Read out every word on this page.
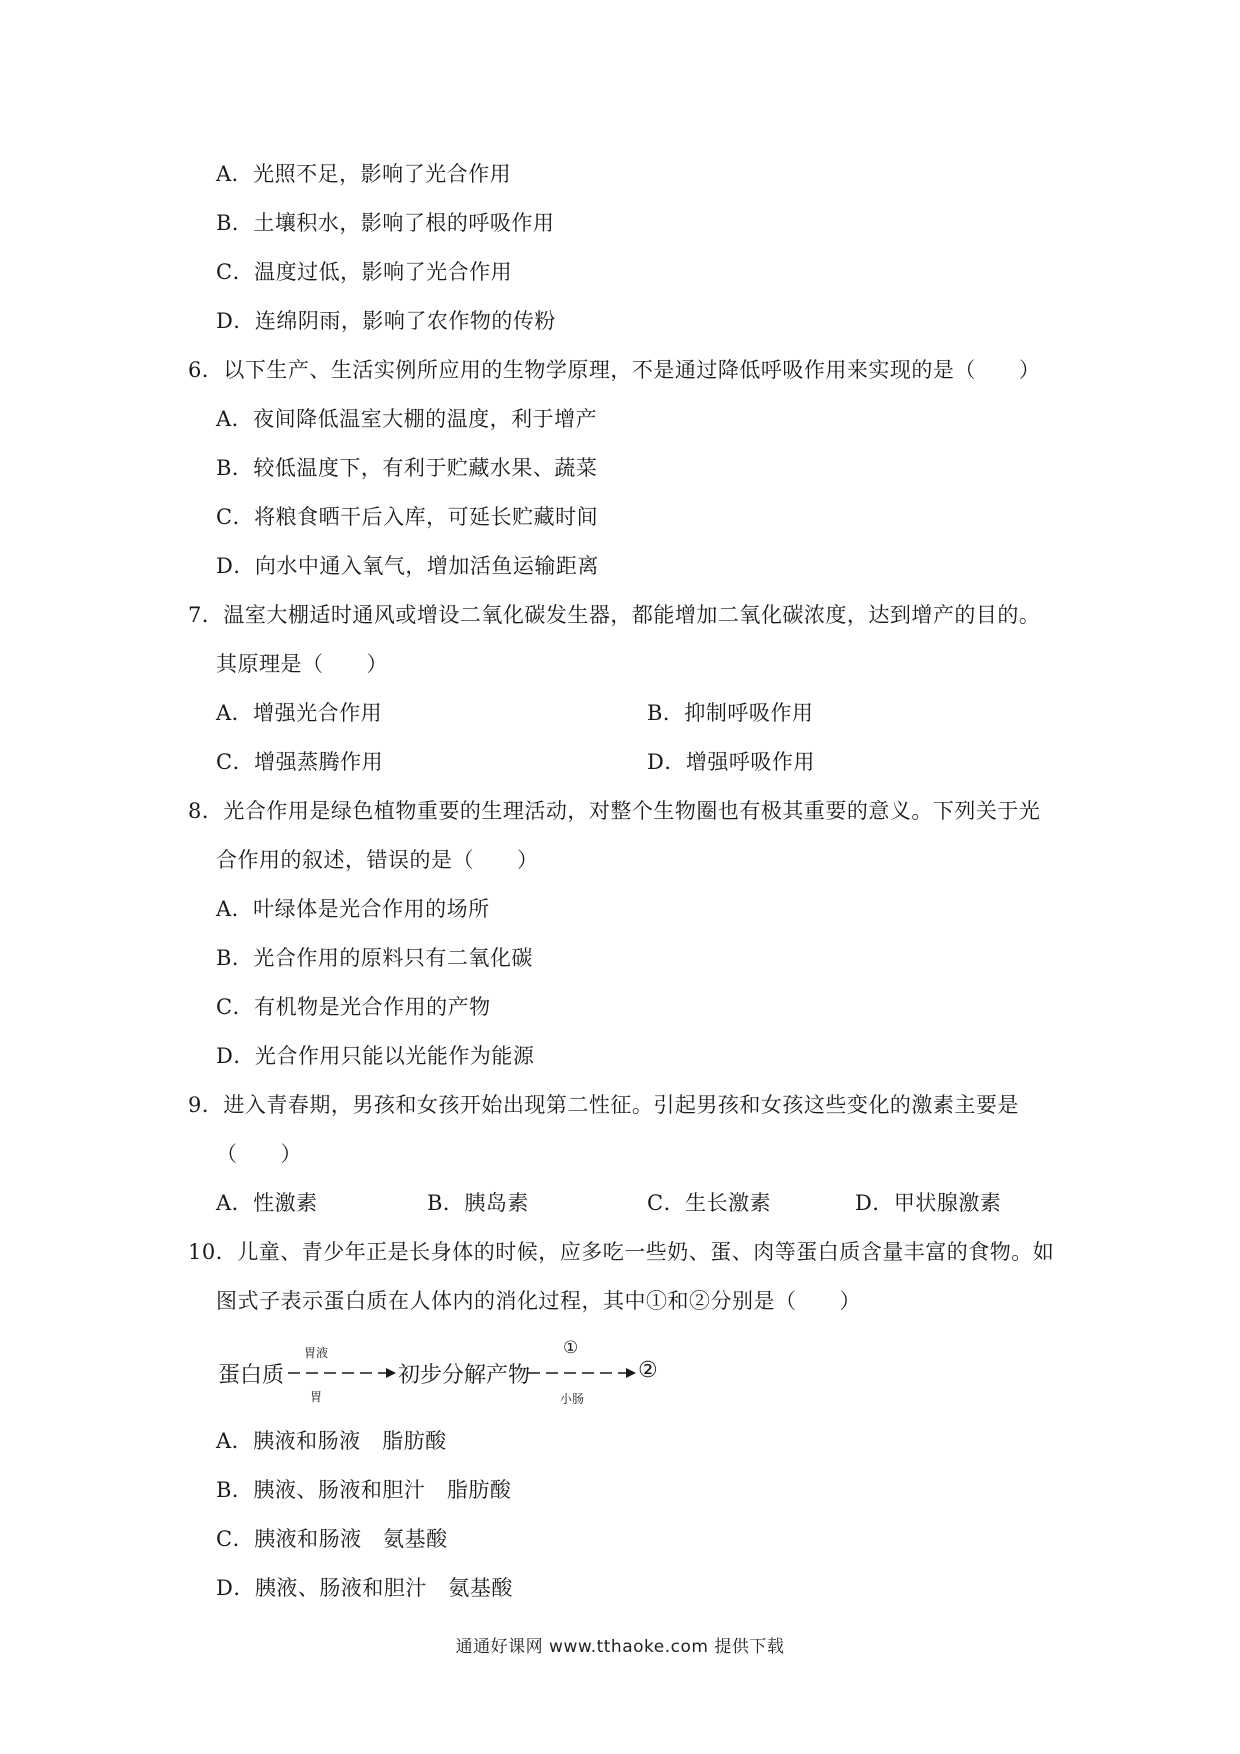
A．光照不足，影响了光合作用
B．土壤积水，影响了根的呼吸作用
C．温度过低，影响了光合作用
D．连绵阴雨，影响了农作物的传粉
6．以下生产、生活实例所应用的生物学原理，不是通过降低呼吸作用来实现的是（　　）
A．夜间降低温室大棚的温度，利于增产
B．较低温度下，有利于贮藏水果、蔬菜
C．将粮食晒干后入库，可延长贮藏时间
D．向水中通入氧气，增加活鱼运输距离
7．温室大棚适时通风或增设二氧化碳发生器，都能增加二氧化碳浓度，达到增产的目的。
其原理是（　　）
A．增强光合作用	B．抑制呼吸作用
C．增强蒸腾作用	D．增强呼吸作用
8．光合作用是绿色植物重要的生理活动，对整个生物圈也有极其重要的意义。下列关于光
合作用的叙述，错误的是（　　）
A．叶绿体是光合作用的场所
B．光合作用的原料只有二氧化碳
C．有机物是光合作用的产物
D．光合作用只能以光能作为能源
9．进入青春期，男孩和女孩开始出现第二性征。引起男孩和女孩这些变化的激素主要是
（　　）
A．性激素	B．胰岛素	C．生长激素	D．甲状腺激素
10．儿童、青少年正是长身体的时候，应多吃一些奶、蛋、肉等蛋白质含量丰富的食物。如
图式子表示蛋白质在人体内的消化过程，其中①和②分别是（　　）
蛋白质
胃液
胃
初步分解产物
①
小肠
②
A．胰液和肠液　脂肪酸
B．胰液、肠液和胆汁　脂肪酸
C．胰液和肠液　氨基酸
D．胰液、肠液和胆汁　氨基酸
通通好课网 www.tthaoke.com 提供下载
